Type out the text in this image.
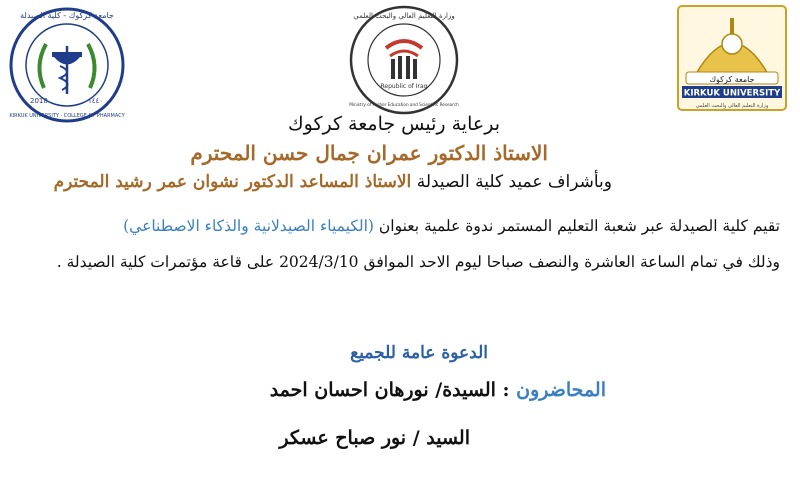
2018	١٤٤٠
جامعة كركوك - كلية الصيدلة
KIRKUK UNIVERSITY · COLLEGE OF PHARMACY
Republic of Iraq
وزارة التعليم العالي والبحث العلمي
Ministry of Higher Education and Scientific Research
جامعة كركوك
KIRKUK UNIVERSITY
وزارة التعليم العالي والبحث العلمي
برعاية رئيس جامعة كركوك
الاستاذ الدكتور عمران جمال حسن المحترم
وبأشراف عميد كلية الصيدلة الاستاذ المساعد الدكتور نشوان عمر رشيد المحترم
تقيم كلية الصيدلة عبر شعبة التعليم المستمر ندوة علمية بعنوان (الكيمياء الصيدلانية والذكاء الاصطناعي)
وذلك في تمام الساعة العاشرة والنصف صباحا ليوم الاحد الموافق 2024/3/10 على قاعة مؤتمرات كلية الصيدلة .
الدعوة عامة للجميع
المحاضرون : السيدة/ نورهان احسان احمد
السيد / نور صباح عسكر
